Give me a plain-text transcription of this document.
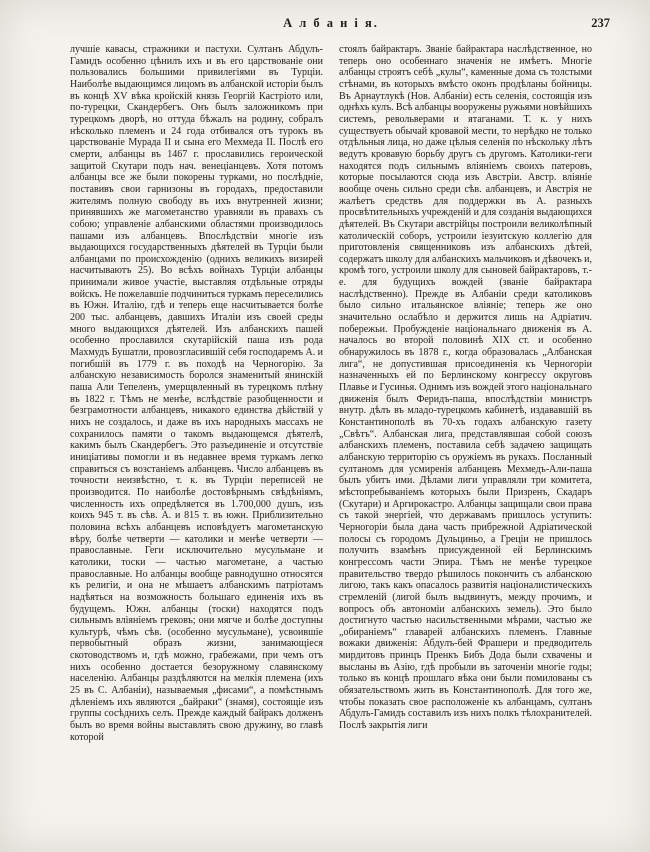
А л б а н і я.	237
лучшіе кавасы, стражники и пастухи. Султанъ Абдулъ-Гамидъ особенно цѣнилъ ихъ и въ его царствованіе они пользовались большими привилегіями въ Турціи. Наиболѣе выдающимся лицомъ въ албанской исторіи былъ въ концѣ XV вѣка кройскій князь Георгій Кастріото или, по-турецки, Скандербегъ. Онъ былъ заложникомъ при турецкомъ дворѣ, но оттуда бѣжалъ на родину, собралъ нѣсколько племенъ и 24 года отбивался отъ турокъ въ царствованіе Мурада II и сына его Мехмеда II. Послѣ его смерти, албанцы въ 1467 г. прославились героической защитой Скутари подъ нач. венеціанцевъ. Хотя потомъ албанцы все же были покорены турками, но послѣдніе, поставивъ свои гарнизоны въ городахъ, предоставили жителямъ полную свободу въ ихъ внутренней жизни; принявшихъ же магометанство уравняли въ правахъ съ собою; управленіе албанскими областями производилось пашами изъ албанцевъ. Впослѣдствіи многіе изъ выдающихся государственныхъ дѣятелей въ Турціи были албанцами по происхожденію (однихъ великихъ визирей насчитываютъ 25). Во всѣхъ войнахъ Турціи албанцы принимали живое участіе, выставляя отдѣльные отряды войскъ. Не пожелавшіе подчиниться туркамъ переселились въ Южн. Италію, гдѣ и теперь еще насчитывается болѣе 200 тыс. албанцевъ, давшихъ Италіи изъ своей среды много выдающихся дѣятелей. Изъ албанскихъ пашей особенно прославился скутарійскій паша изъ рода Махмудъ Бушатли, провозгласившій себя господаремъ А. и погибшій въ 1779 г. въ походѣ на Черногорію. За албанскую независимость боролся знаменитый янинскій паша Али Тепеленъ, умерщвленный въ турецкомъ плѣну въ 1822 г. Тѣмъ не менѣе, вслѣдствіе разобщенности и безграмотности албанцевъ, никакого единства дѣйствій у нихъ не создалось, и даже въ ихъ народныхъ массахъ не сохранилось памяти о такомъ выдающемся дѣятелѣ, какимъ былъ Скандербегъ. Это разъединеніе и отсутствіе иниціативы помогли и въ недавнее время туркамъ легко справиться съ возстаніемъ албанцевъ. Число албанцевъ въ точности неизвѣстно, т. к. въ Турціи переписей не производится. По наиболѣе достовѣрнымъ свѣдѣніямъ, численность ихъ опредѣляется въ 1.700,000 душъ, изъ коихъ 945 т. въ сѣв. А. и 815 т. въ южн. Приблизительно половина всѣхъ албанцевъ исповѣдуетъ магометанскую вѣру, болѣе четверти — католики и менѣе четверти — православные. Геги исключительно мусульмане и католики, тоски — частью магометане, а частью православные. Но албанцы вообще равнодушно относятся къ религіи, и она не мѣшаетъ албанскимъ патріотамъ надѣяться на возможность большаго единенія ихъ въ будущемъ. Южн. албанцы (тоски) находятся подъ сильнымъ вліяніемъ грековъ; они мягче и болѣе доступны культурѣ, чѣмъ сѣв. (особенно мусульмане), усвоившіе первобытный образъ жизни, занимающіеся скотоводствомъ и, гдѣ можно, грабежами, при чемъ отъ нихъ особенно достается безоружному славянскому населенію. Албанцы раздѣляются на мелкія племена (ихъ 25 въ С. Албаніи), называемыя „фисами“, а помѣстнымъ дѣленіемъ ихъ являются „байраки“ (знамя), состоящіе изъ группы сосѣднихъ селъ. Прежде каждый байракъ долженъ былъ во время войны выставлять свою дружину, во главѣ которой
стоялъ байрактаръ. Званіе байрактара наслѣдственное, но теперь оно особеннаго значенія не имѣетъ. Многіе албанцы строятъ себѣ „кулы“, каменные дома съ толстыми стѣнами, въ которыхъ вмѣсто оконъ продѣланы бойницы. Въ Арнаутлукѣ (Нов. Албаніи) есть селенія, состоящія изъ однѣхъ кулъ. Всѣ албанцы вооружены ружьями новѣйшихъ системъ, револьверами и ятаганами. Т. к. у нихъ существуетъ обычай кровавой мести, то нерѣдко не только отдѣльныя лица, но даже цѣлыя селенія по нѣскольку лѣтъ ведутъ кровавую борьбу другъ съ другомъ. Католики-геги находятся подъ сильнымъ вліяніемъ своихъ патеровъ, которые посылаются сюда изъ Австріи. Австр. вліяніе вообще очень сильно среди сѣв. албанцевъ, и Австрія не жалѣетъ средствъ для поддержки въ А. разныхъ просвѣтительныхъ учрежденій и для созданія выдающихся дѣятелей. Въ Скутари австрійцы построили великолѣпный католическій соборъ, устроили іезуитскую коллегію для приготовленія священниковъ изъ албанскихъ дѣтей, содержатъ школу для албанскихъ мальчиковъ и дѣвочекъ и, кромѣ того, устроили школу для сыновей байрактаровъ, т.-е. для будущихъ вождей (званіе байрактара наслѣдственно). Прежде въ Албаніи среди католиковъ было сильно итальянское вліяніе; теперь же оно значительно ослабѣло и держится лишь на Адріатич. побережьи. Пробужденіе національнаго движенія въ А. началось во второй половинѣ XIX ст. и особенно обнаружилось въ 1878 г., когда образовалась „Албанская лига“, не допустившая присоединенія къ Черногоріи назначенныхъ ей по Берлинскому конгрессу округовъ Плавье и Гусинья. Однимъ изъ вождей этого національнаго движенія былъ Феридъ-паша, впослѣдствіи министръ внутр. дѣлъ въ младо-турецкомъ кабинетѣ, издававшій въ Константинополѣ въ 70-хъ годахъ албанскую газету „Свѣтъ“. Албанская лига, представлявшая собой союзъ албанскихъ племенъ, поставила себѣ задачею защищать албанскую территорію съ оружіемъ въ рукахъ. Посланный султаномъ для усмиренія албанцевъ Мехмедъ-Али-паша былъ убитъ ими. Дѣлами лиги управляли три комитета, мѣстопребываніемъ которыхъ были Призренъ, Скадаръ (Скутари) и Аргирокастро. Албанцы защищали свои права съ такой энергіей, что державамъ пришлось уступить: Черногоріи была дана часть прибрежной Адріатической полосы съ городомъ Дульциньо, а Греціи не пришлось получить взамѣнъ присужденной ей Берлинскимъ конгрессомъ части Эпира. Тѣмъ не менѣе турецкое правительство твердо рѣшилось покончить съ албанскою лигою, такъ какъ опасалось развитія націоналистическихъ стремленій (лигой былъ выдвинутъ, между прочимъ, и вопросъ объ автономіи албанскихъ земель). Это было достигнуто частью насильственными мѣрами, частью же „обираніемъ“ главарей албанскихъ племенъ. Главные вожаки движенія: Абдулъ-бей Фрашери и предводитель мирдитовъ принцъ Пренкъ Бибъ Дода были схвачены и высланы въ Азію, гдѣ пробыли въ заточеніи многіе годы; только въ концѣ прошлаго вѣка они были помилованы съ обязательствомъ жить въ Константинополѣ. Для того же, чтобы показать свое расположеніе къ албанцамъ, султанъ Абдулъ-Гамидъ составилъ изъ нихъ полкъ тѣлохранителей. Послѣ закрытія лиги
